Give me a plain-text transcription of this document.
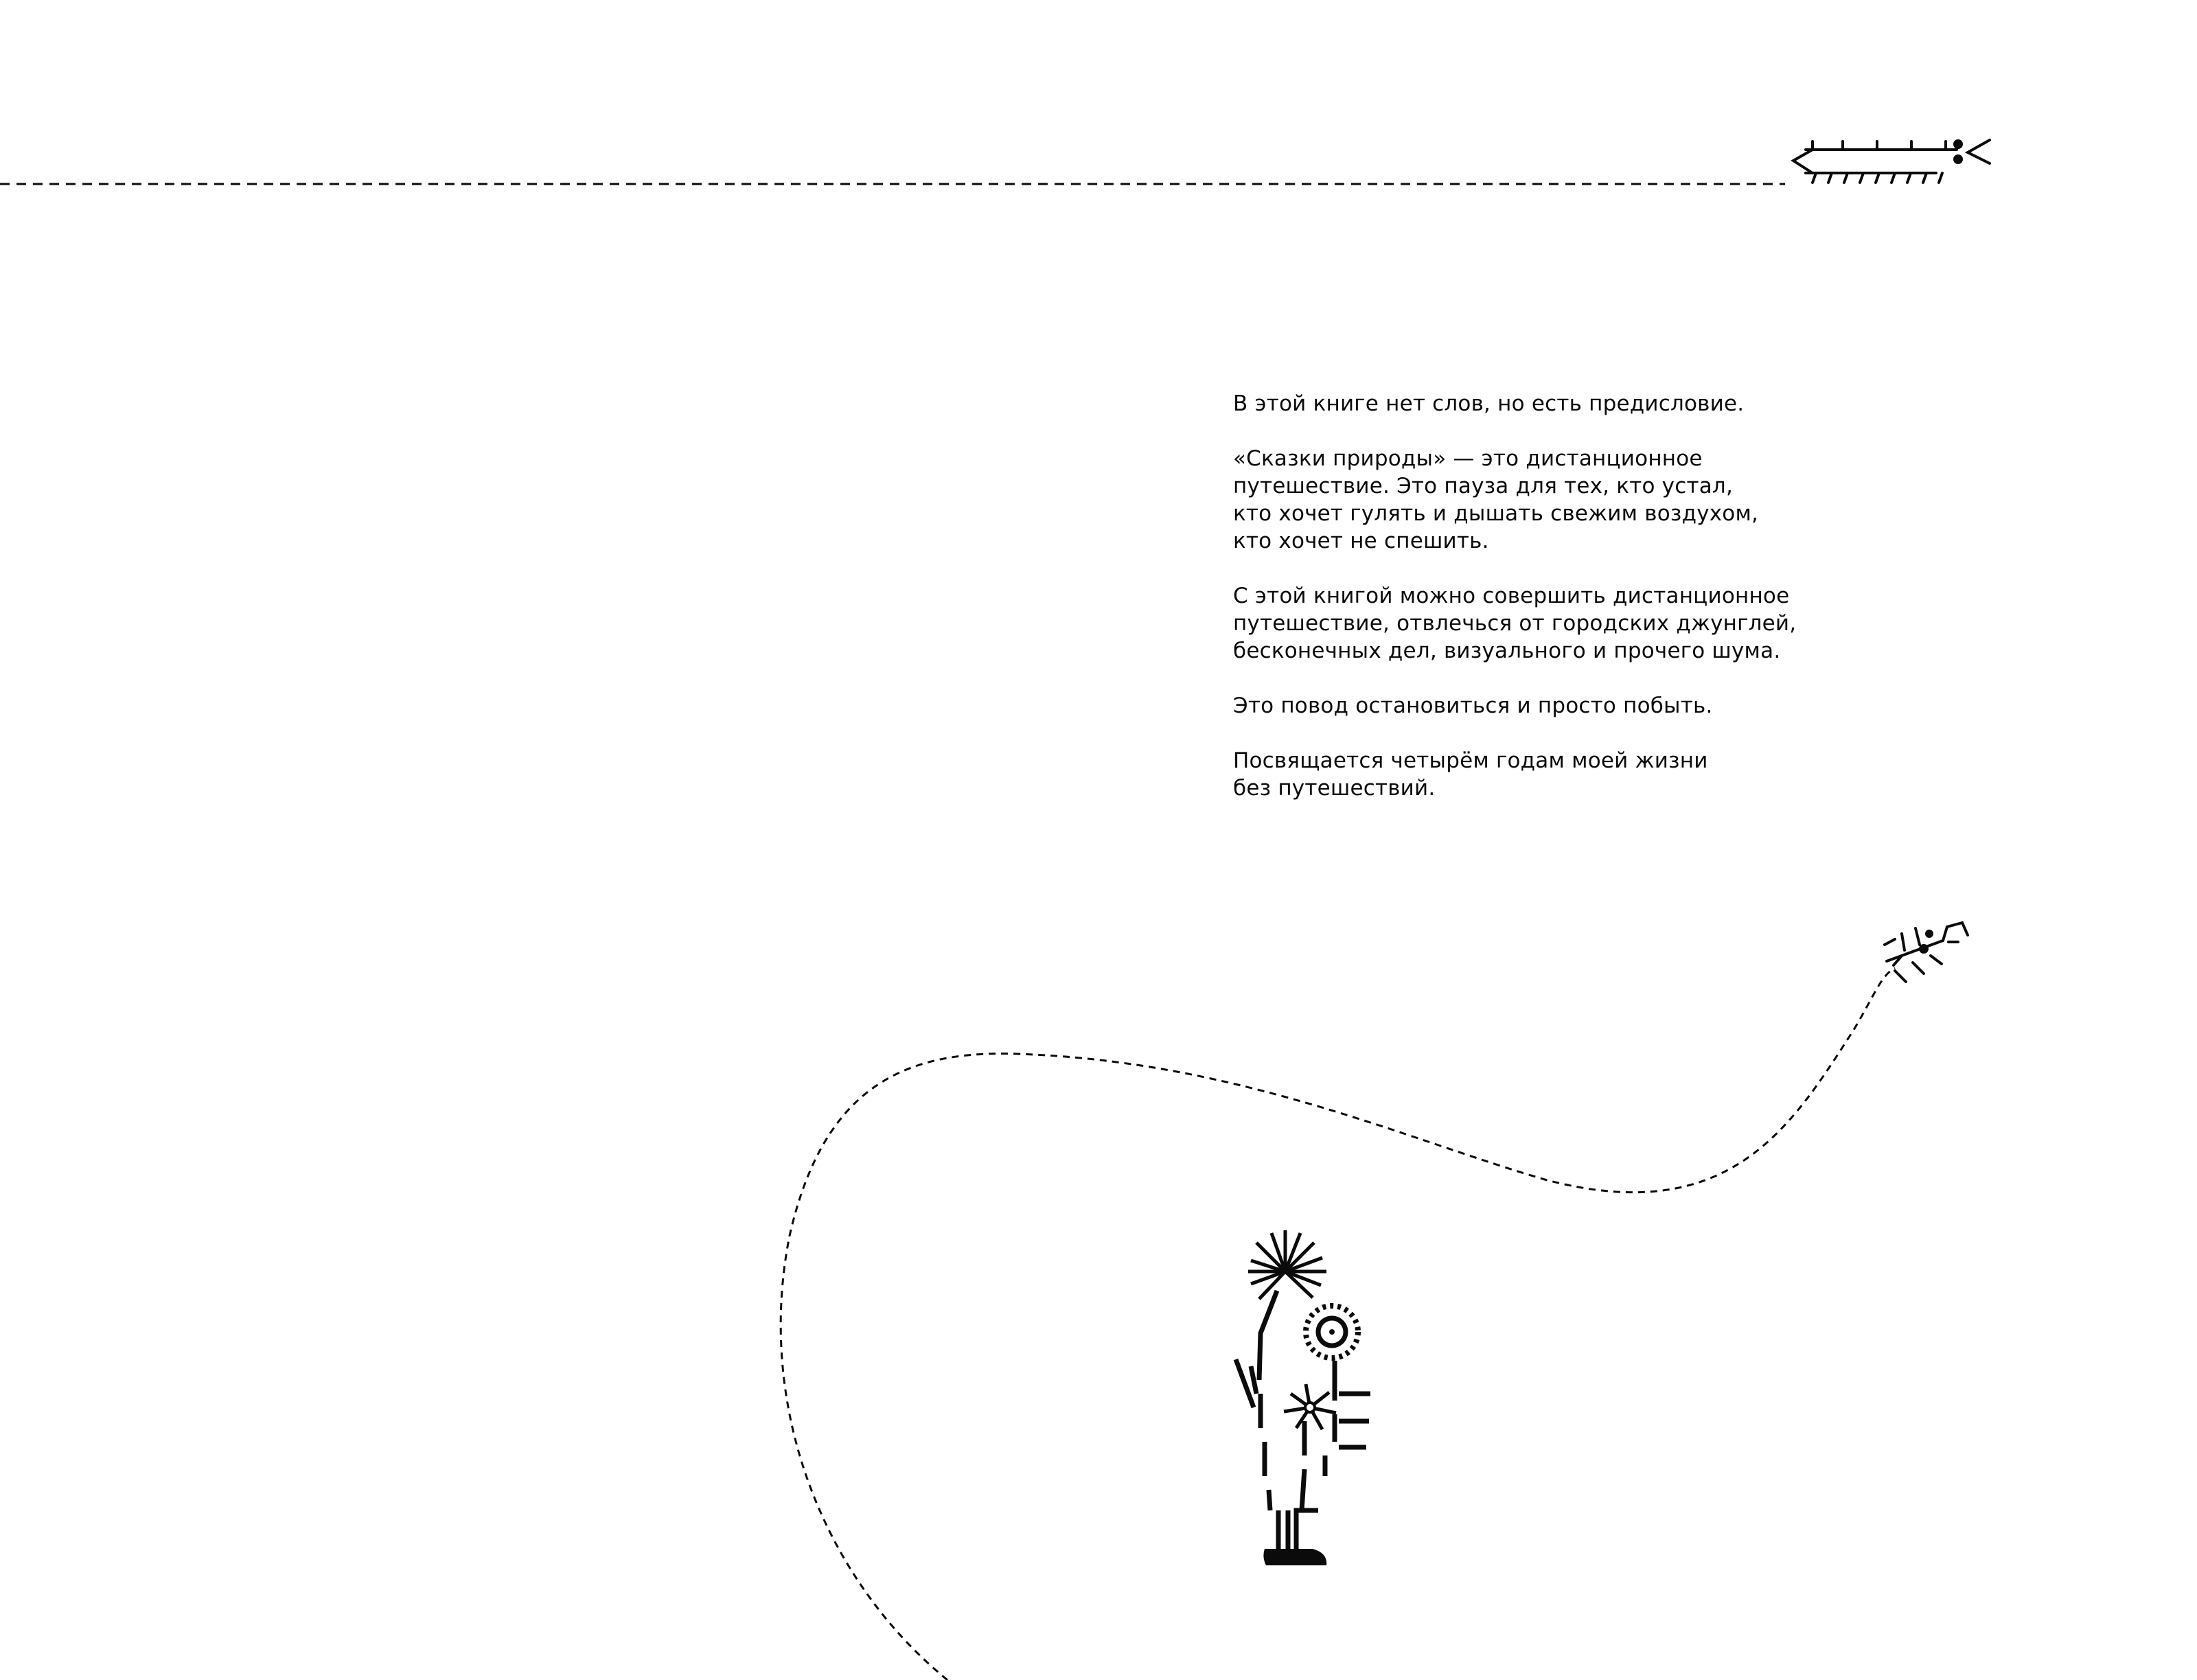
В этой книге нет слов, но есть предисловие.

«Сказки природы» — это дистанционное
путешествие. Это пауза для тех, кто устал,
кто хочет гулять и дышать свежим воздухом,
кто хочет не спешить.

С этой книгой можно совершить дистанционное
путешествие, отвлечься от городских джунглей,
бесконечных дел, визуального и прочего шума.

Это повод остановиться и просто побыть.

Посвящается четырём годам моей жизни
без путешествий.
